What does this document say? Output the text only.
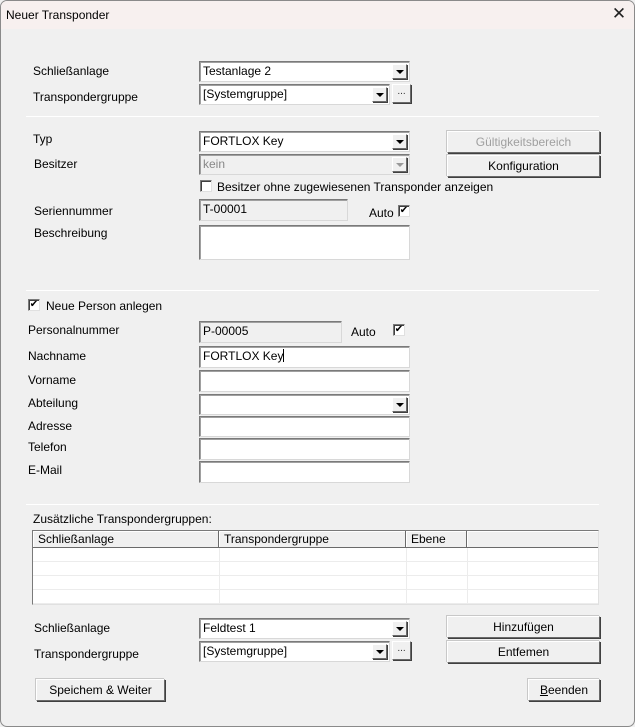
Neuer Transponder	✕
Schließanlage	Testanlage 2
Transpondergruppe	[Systemgruppe]	...
Typ	FORTLOX Key
Besitzer	kein
Besitzer ohne zugewiesenen Transponder anzeigen
Seriennummer	T-00001	Auto ✔
Beschreibung
Gültigkeitsbereich
Konfiguration
✔ Neue Person anlegen
Personalnummer	P-00005	Auto ✔
Nachname	FORTLOX Key
Vorname
Abteilung
Adresse
Telefon
E-Mail
Zusätzliche Transpondergruppen:
Schließanlage	Transpondergruppe	Ebene
Schließanlage	Feldtest 1
Transpondergruppe	[Systemgruppe]	...
Hinzufügen
Entfemen
Speichem & Weiter	Beenden
